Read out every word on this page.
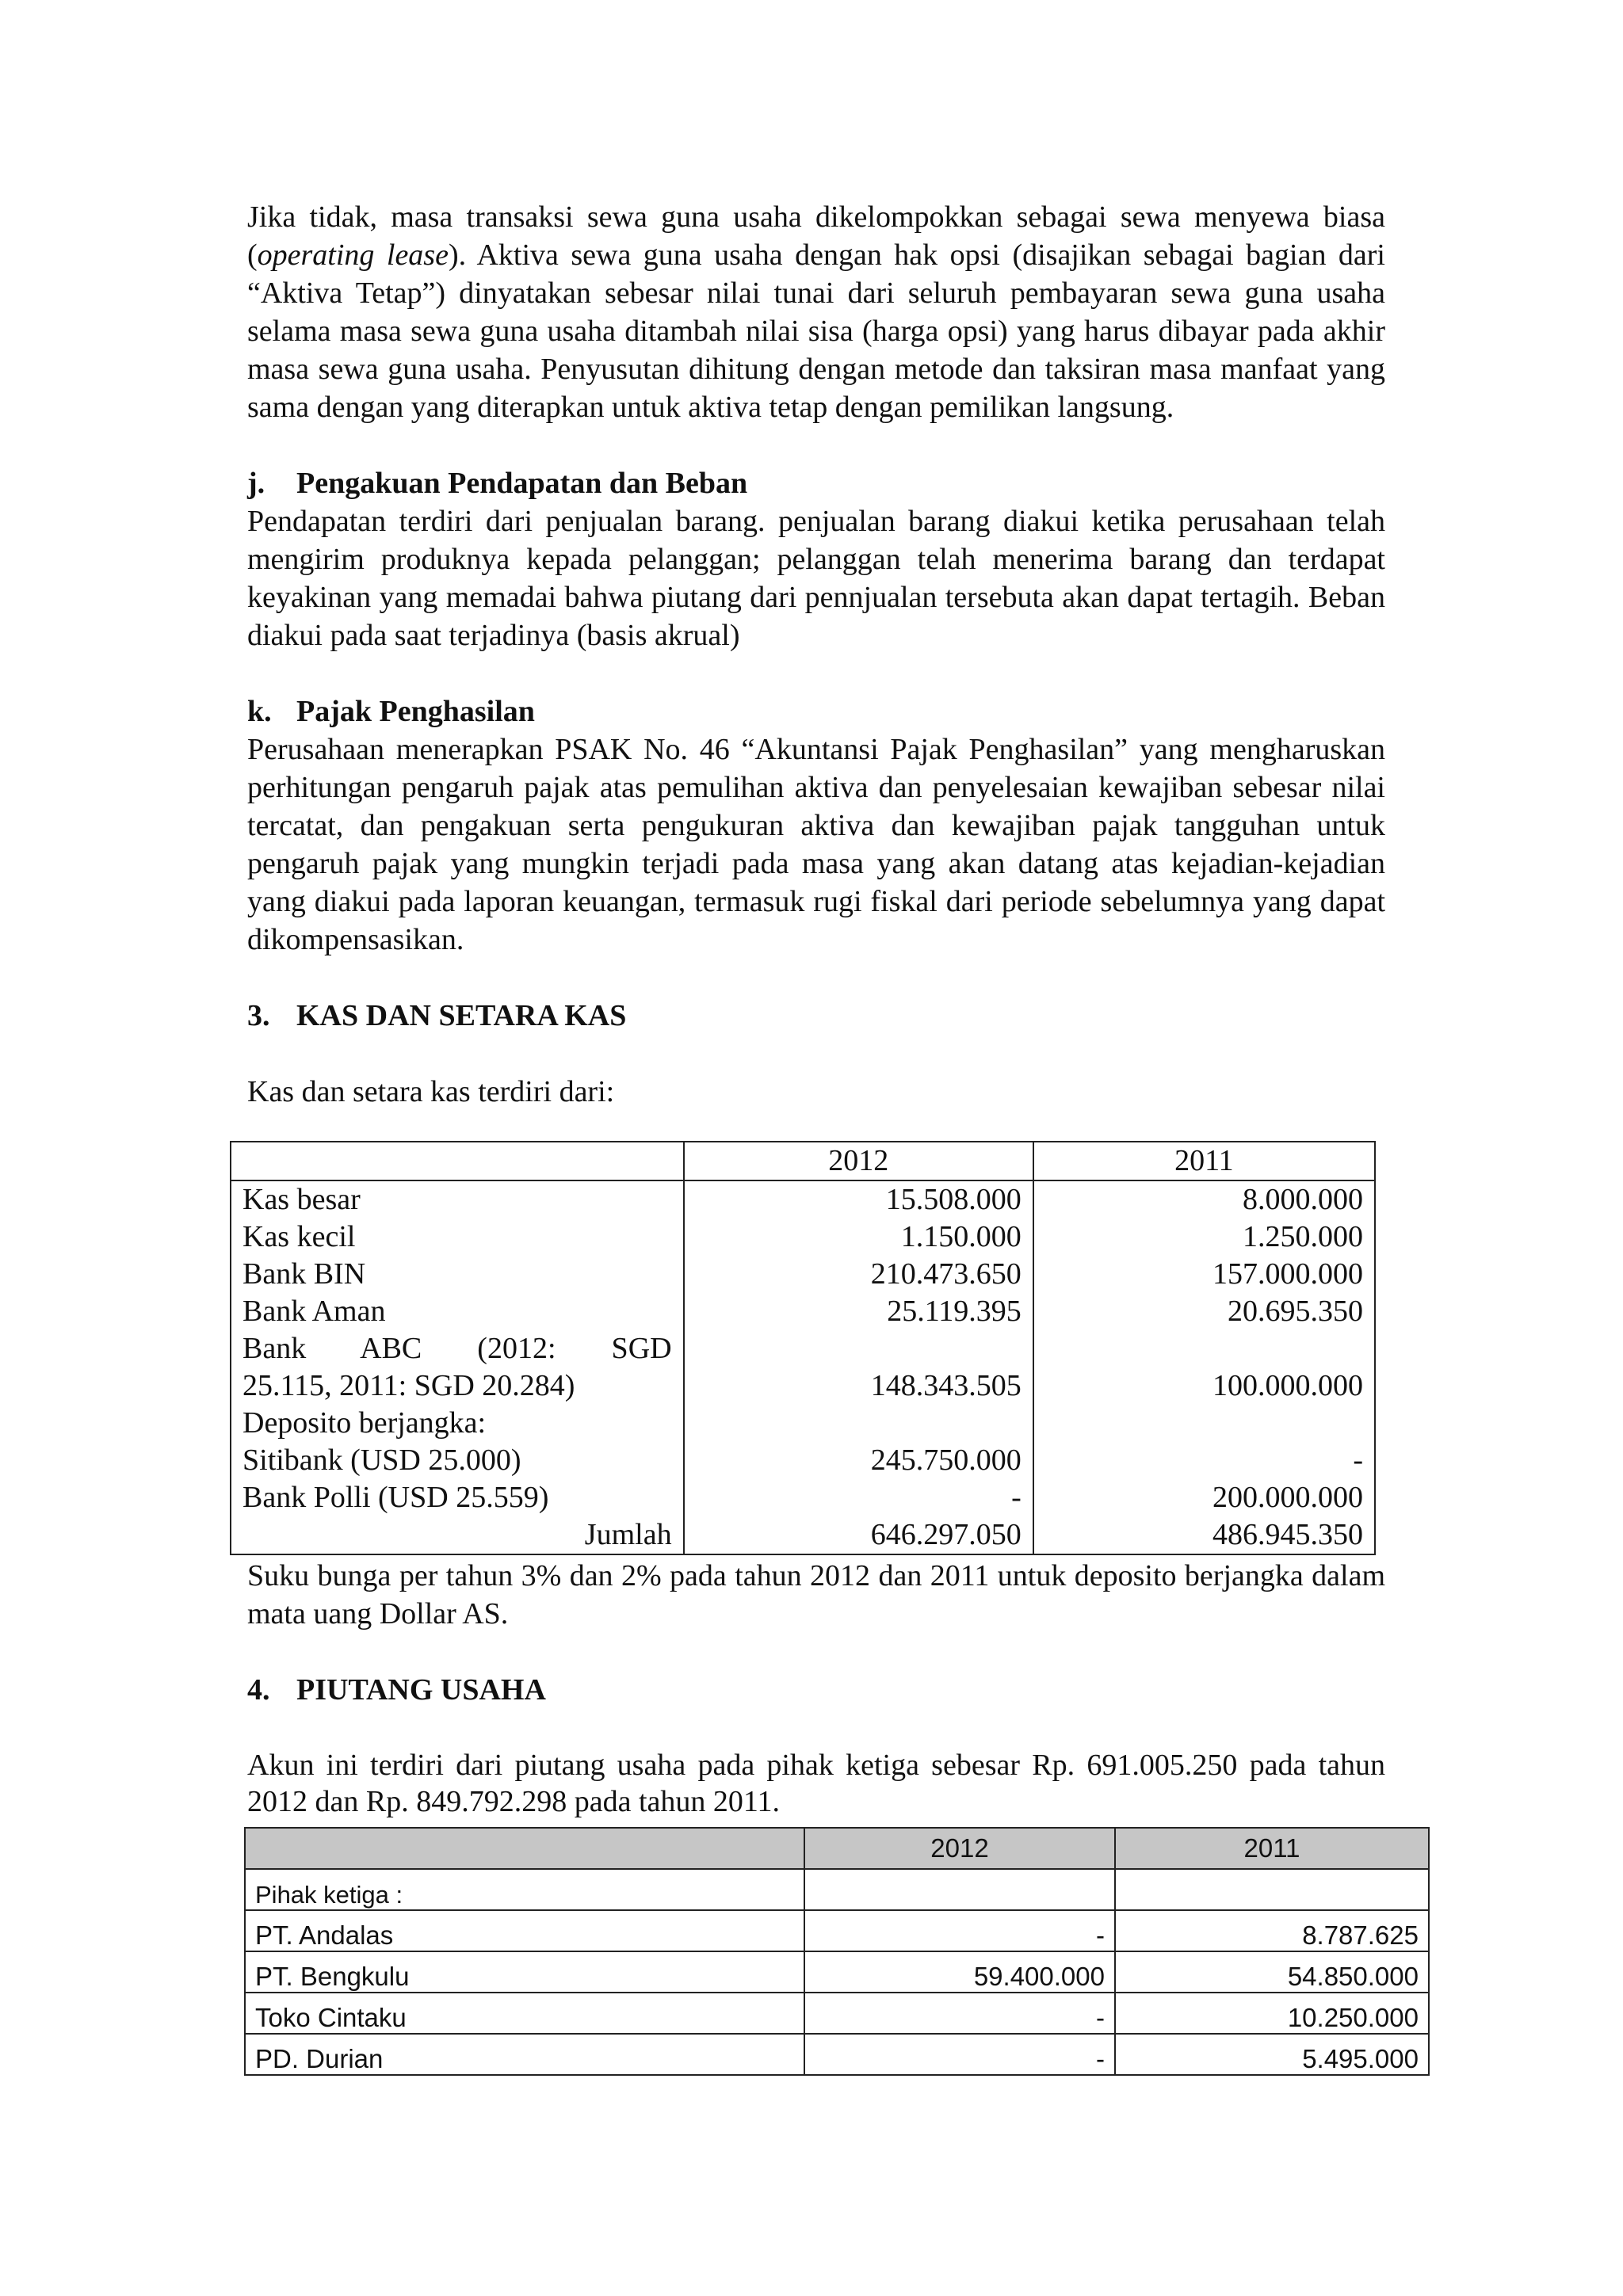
Jika tidak, masa transaksi sewa guna usaha dikelompokkan sebagai sewa menyewa biasa (operating lease). Aktiva sewa guna usaha dengan hak opsi (disajikan sebagai bagian dari “Aktiva Tetap”) dinyatakan sebesar nilai tunai dari seluruh pembayaran sewa guna usaha selama masa sewa guna usaha ditambah nilai sisa (harga opsi) yang harus dibayar pada akhir masa sewa guna usaha. Penyusutan dihitung dengan metode dan taksiran masa manfaat yang sama dengan yang diterapkan untuk aktiva tetap dengan pemilikan langsung.

j. Pengakuan Pendapatan dan Beban

Pendapatan terdiri dari penjualan barang. penjualan barang diakui ketika perusahaan telah mengirim produknya kepada pelanggan; pelanggan telah menerima barang dan terdapat keyakinan yang memadai bahwa piutang dari pennjualan tersebuta akan dapat tertagih. Beban diakui pada saat terjadinya (basis akrual)

k. Pajak Penghasilan

Perusahaan menerapkan PSAK No. 46 “Akuntansi Pajak Penghasilan” yang mengharuskan perhitungan pengaruh pajak atas pemulihan aktiva dan penyelesaian kewajiban sebesar nilai tercatat, dan pengakuan serta pengukuran aktiva dan kewajiban pajak tangguhan untuk pengaruh pajak yang mungkin terjadi pada masa yang akan datang atas kejadian-kejadian yang diakui pada laporan keuangan, termasuk rugi fiskal dari periode sebelumnya yang dapat dikompensasikan.

3. KAS DAN SETARA KAS

Kas dan setara kas terdiri dari:

	2012	2011
Kas besar	15.508.000	8.000.000
Kas kecil	1.150.000	1.250.000
Bank BIN	210.473.650	157.000.000
Bank Aman	25.119.395	20.695.350
Bank ABC (2012: SGD		
25.115, 2011: SGD 20.284)	148.343.505	100.000.000
Deposito berjangka:		
Sitibank (USD 25.000)	245.750.000	-
Bank Polli (USD 25.559)	-	200.000.000
Jumlah	646.297.050	486.945.350

Suku bunga per tahun 3% dan 2% pada tahun 2012 dan 2011 untuk deposito berjangka dalam mata uang Dollar AS.

4. PIUTANG USAHA

Akun ini terdiri dari piutang usaha pada pihak ketiga sebesar Rp. 691.005.250 pada tahun 2012 dan Rp. 849.792.298 pada tahun 2011.

	2012	2011
Pihak ketiga :		
PT. Andalas	-	8.787.625
PT. Bengkulu	59.400.000	54.850.000
Toko Cintaku	-	10.250.000
PD. Durian	-	5.495.000
